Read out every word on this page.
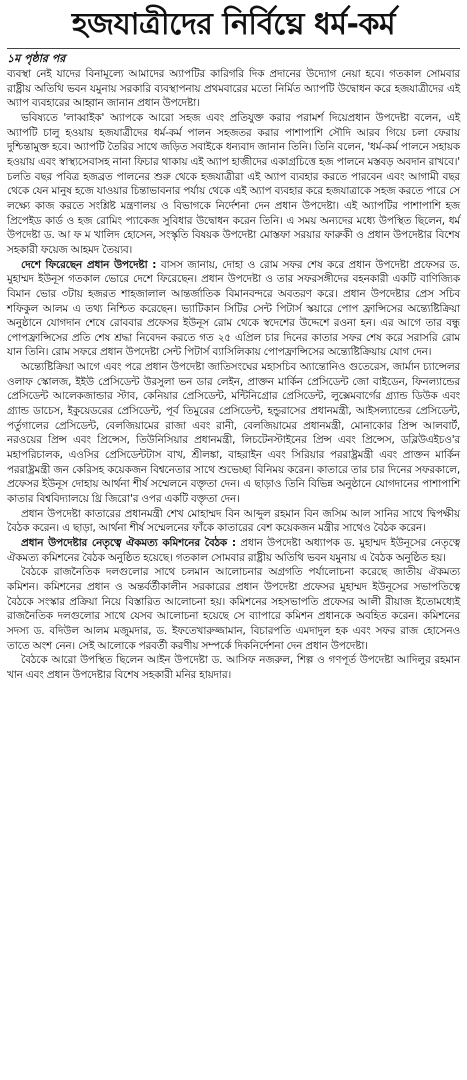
হজযাত্রীদের নির্বিঘ্নে ধর্ম-কর্ম
১ম পৃষ্ঠার পর

ব্যবস্থা নেই যাদের বিনামূল্যে আমাদের অ্যাপটির কারিগরি দিক প্রদানের উদ্যোগ নেয়া হবে। গতকাল সোমবার রাষ্ট্রীয় অতিথি ভবন যমুনায় সরকারি ব্যবস্থাপনায় প্রথমবারের মতো নির্মিত অ্যাপটি উদ্বোধন করে হজযাত্রীদের এই অ্যাপ ব্যবহারের আহ্বান জানান প্রধান উপদেষ্টা।

ভবিষ্যতে 'লাব্বাইক' অ্যাপকে আরো সহজ এবং প্রতিযুক্ত করার পরামর্শ দিয়েপ্রধান উপদেষ্টা বলেন, এই অ্যাপটি চালু হওয়ায় হজযাত্রীদের ধর্ম-কর্ম পালন সহজতর করার পাশাপাশি সৌদি আরব গিয়ে চলা ফেরায় দুশ্চিন্তামুক্ত হবে। অ্যাপটি তৈরির সাথে জড়িত সবাইকে ধন্যবাদ জানান তিনি। তিনি বলেন, 'ধর্ম-কর্ম পালনে সহায়ক হওয়ায় এবং স্বাস্থ্যসেবাসহ নানা ফিচার থাকায় এই অ্যাপ হাজীদের একাগ্রচিত্তে হজ পালনে মস্তবড় অবদান রাখবে।' চলতি বছর পবিত্র হজব্রত পালনের শুরু থেকে হজযাত্রীরা এই অ্যাপ ব্যবহার করতে পারবেন এবং আগামী বছর থেকে যেন মানুষ হজে যাওয়ার চিন্তাভাবনার পর্যায় থেকে এই অ্যাপ ব্যবহার করে হজযাত্রাকে সহজ করতে পারে সে লক্ষ্যে কাজ করতে সংশ্লিষ্ট মন্ত্রণালয় ও বিভাগকে নির্দেশনা দেন প্রধান উপদেষ্টা। এই অ্যাপটির পাশাপাশি হজ প্রিপেইড কার্ড ও হজ রোমিং প্যাকেজ সুবিধার উদ্বোধন করেন তিনি। এ সময় অন্যদের মধ্যে উপস্থিত ছিলেন, ধর্ম উপদেষ্টা ড. আ ফ ম খালিদ হোসেন, সংস্কৃতি বিষয়ক উপদেষ্টা মোস্তফা সরয়ার ফারুকী ও প্রধান উপদেষ্টার বিশেষ সহকারী ফয়েজ আহমদ তৈয়্যব।

দেশে ফিরেছেন প্রধান উপদেষ্টা : বাসস জানায়, দোহা ও রোম সফর শেষ করে প্রধান উপদেষ্টা প্রফেসর ড. মুহাম্মদ ইউনূস গতকাল ভোরে দেশে ফিরেছেন। প্রধান উপদেষ্টা ও তার সফরসঙ্গীদের বহনকারী একটি বাণিজ্যিক বিমান ভোর ৩টায় হজরত শাহজালাল আন্তর্জাতিক বিমানবন্দরে অবতরণ করে। প্রধান উপদেষ্টার প্রেস সচিব শফিকুল আলম এ তথ্য নিশ্চিত করেছেন। ভ্যাটিকান সিটির সেন্ট পিটার্স স্কয়ারে পোপ ফ্রান্সিসের অন্ত্যেষ্টিক্রিয়া অনুষ্ঠানে যোগদান শেষে রোববার প্রফেসর ইউনূস রোম থেকে স্বদেশের উদ্দেশে রওনা হন। এর আগে তার বন্ধু পোপফ্রান্সিসের প্রতি শেষ শ্রদ্ধা নিবেদন করতে গত ২৫ এপ্রিল চার দিনের কাতার সফর শেষ করে সরাসরি রোম যান তিনি। রোম সফরে প্রধান উপদেষ্টা সেন্ট পিটার্স ব্যাসিলিকায় পোপফ্রান্সিসের অন্ত্যেষ্টিক্রিয়ায় যোগ দেন।

অন্ত্যেষ্টিক্রিয়া আগে এবং পরে প্রধান উপদেষ্টা জাতিসংঘের মহাসচিব অ্যান্তোনিও গুতেরেস, জার্মান চ্যান্সেলর ওলাফ স্কোলজ, ইইউ প্রেসিডেন্ট উরসুলা ভন ডার লেইন, প্রাক্তন মার্কিন প্রেসিডেন্ট জো বাইডেন, ফিনল্যান্ডের প্রেসিডেন্ট আলেকজান্ডার স্টাব, কেনিয়ার প্রেসিডেন্ট, মন্টিনিগ্রোর প্রেসিডেন্ট, লুক্সেমবার্গের গ্র্যান্ড ডিউক এবং গ্র্যান্ড ডাচেস, ইকুয়েডরের প্রেসিডেন্ট, পূর্ব তিমুরের প্রেসিডেন্ট, হন্ডুরাসের প্রধানমন্ত্রী, আইসল্যান্ডের প্রেসিডেন্ট, পর্তুগালের প্রেসিডেন্ট, বেলজিয়ামের রাজা এবং রানী, বেলজিয়ামের প্রধানমন্ত্রী, মোনাকোর প্রিন্স আলবার্ট, নরওয়ের প্রিন্স এবং প্রিন্সেস, তিউনিসিয়ার প্রধানমন্ত্রী, লিচটেনস্টাইনের প্রিন্স এবং প্রিন্সেস, ডব্লিউএইচও'র মহাপরিচালক, এওসির প্রেসিডেন্টটাস বাখ, শ্রীলঙ্কা, বাহরাইন এবং সিরিয়ার পররাষ্ট্রমন্ত্রী এবং প্রাক্তন মার্কিন পররাষ্ট্রমন্ত্রী জন কেরিসহ কয়েকজন বিশ্বনেতার সাথে শুভেচ্ছা বিনিময় করেন। কাতারে তার চার দিনের সফরকালে, প্রফেসর ইউনূস দোহায় আর্থনা শীর্ষ সম্মেলনে বক্তৃতা দেন। এ ছাড়াও তিনি বিভিন্ন অনুষ্ঠানে যোগদানের পাশাপাশি কাতার বিশ্ববিদ্যালয়ে থ্রি জিরো'র ওপর একটি বক্তৃতা দেন।

প্রধান উপদেষ্টা কাতারের প্রধানমন্ত্রী শেখ মোহাম্মদ বিন আব্দুল রহমান বিন জসিম আল সানির সাথে দ্বিপক্ষীয় বৈঠক করেন। এ ছাড়া, আর্থনা শীর্ষ সম্মেলনের ফাঁকে কাতারের বেশ কয়েকজন মন্ত্রীর সাথেও বৈঠক করেন।

প্রধান উপদেষ্টার নেতৃত্বে ঐকমত্য কমিশনের বৈঠক : প্রধান উপদেষ্টা অধ্যাপক ড. মুহাম্মদ ইউনূসের নেতৃত্বে ঐকমত্য কমিশনের বৈঠক অনুষ্ঠিত হয়েছে। গতকাল সোমবার রাষ্ট্রীয় অতিথি ভবন যমুনায় এ বৈঠক অনুষ্ঠিত হয়।

বৈঠকে রাজনৈতিক দলগুলোর সাথে চলমান আলোচনার অগ্রগতি পর্যালোচনা করেছে জাতীয় ঐকমত্য কমিশন। কমিশনের প্রধান ও অন্তর্বর্তীকালীন সরকারের প্রধান উপদেষ্টা প্রফেসর মুহাম্মদ ইউনূসের সভাপতিত্বে বৈঠকে সংস্কার প্রক্রিয়া নিয়ে বিস্তারিত আলোচনা হয়। কমিশনের সহসভাপতি প্রফেসর আলী রীয়াজ ইতোমধ্যেই রাজনৈতিক দলগুলোর সাথে যেসব আলোচনা হয়েছে সে ব্যাপারে কমিশন প্রধানকে অবহিত করেন। কমিশনের সদস্য ড. বদিউল আলম মজুমদার, ড. ইফতেখারুজ্জামান, বিচারপতি এমদাদুল হক এবং সফর রাজ হোসেনও তাতে অংশ নেন। সেই আলোকে পরবর্তী করণীয় সম্পর্কে দিকনির্দেশনা দেন প্রধান উপদেষ্টা।

বৈঠকে আরো উপস্থিত ছিলেন আইন উপদেষ্টা ড. আসিফ নজরুল, শিল্প ও গণপূর্ত উপদেষ্টা আদিলুর রহমান খান এবং প্রধান উপদেষ্টার বিশেষ সহকারী মনির হায়দার।
